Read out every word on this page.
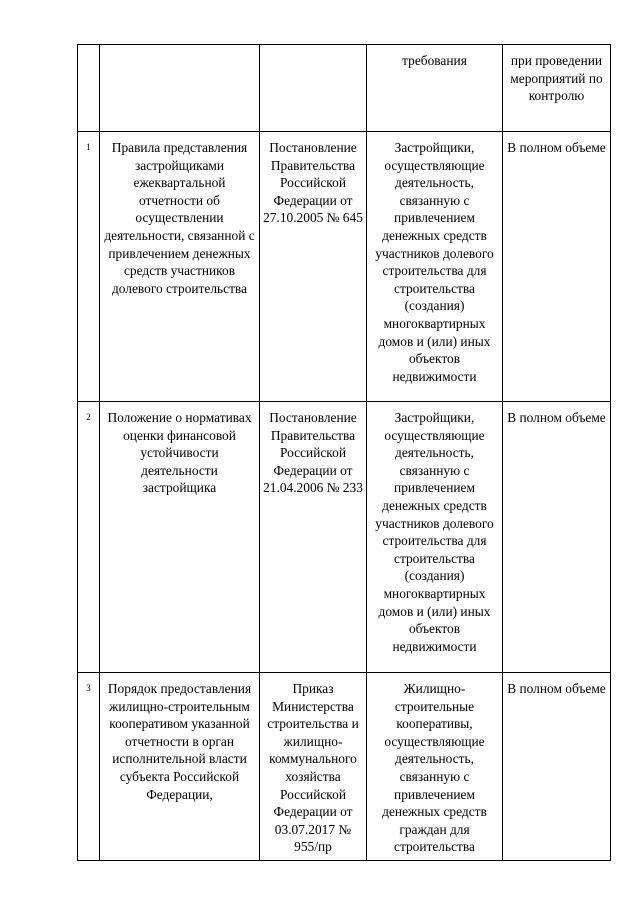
			требования	при проведении мероприятий по контролю

1	Правила представления застройщиками ежеквартальной отчетности об осуществлении деятельности, связанной с привлечением денежных средств участников долевого строительства	Постановление Правительства Российской Федерации от 27.10.2005 № 645	Застройщики, осуществляющие деятельность, связанную с привлечением денежных средств участников долевого строительства для строительства (создания) многоквартирных домов и (или) иных объектов недвижимости	В полном объеме
2	Положение о нормативах оценки финансовой устойчивости деятельности застройщика	Постановление Правительства Российской Федерации от 21.04.2006 № 233	Застройщики, осуществляющие деятельность, связанную с привлечением денежных средств участников долевого строительства для строительства (создания) многоквартирных домов и (или) иных объектов недвижимости	В полном объеме
3	Порядок предоставления жилищно-строительным кооперативом указанной отчетности в орган исполнительной власти субъекта Российской Федерации,	Приказ Министерства строительства и жилищно-коммунального хозяйства Российской Федерации от 03.07.2017 № 955/пр	Жилищно-строительные кооперативы, осуществляющие деятельность, связанную с привлечением денежных средств граждан для строительства	В полном объеме
